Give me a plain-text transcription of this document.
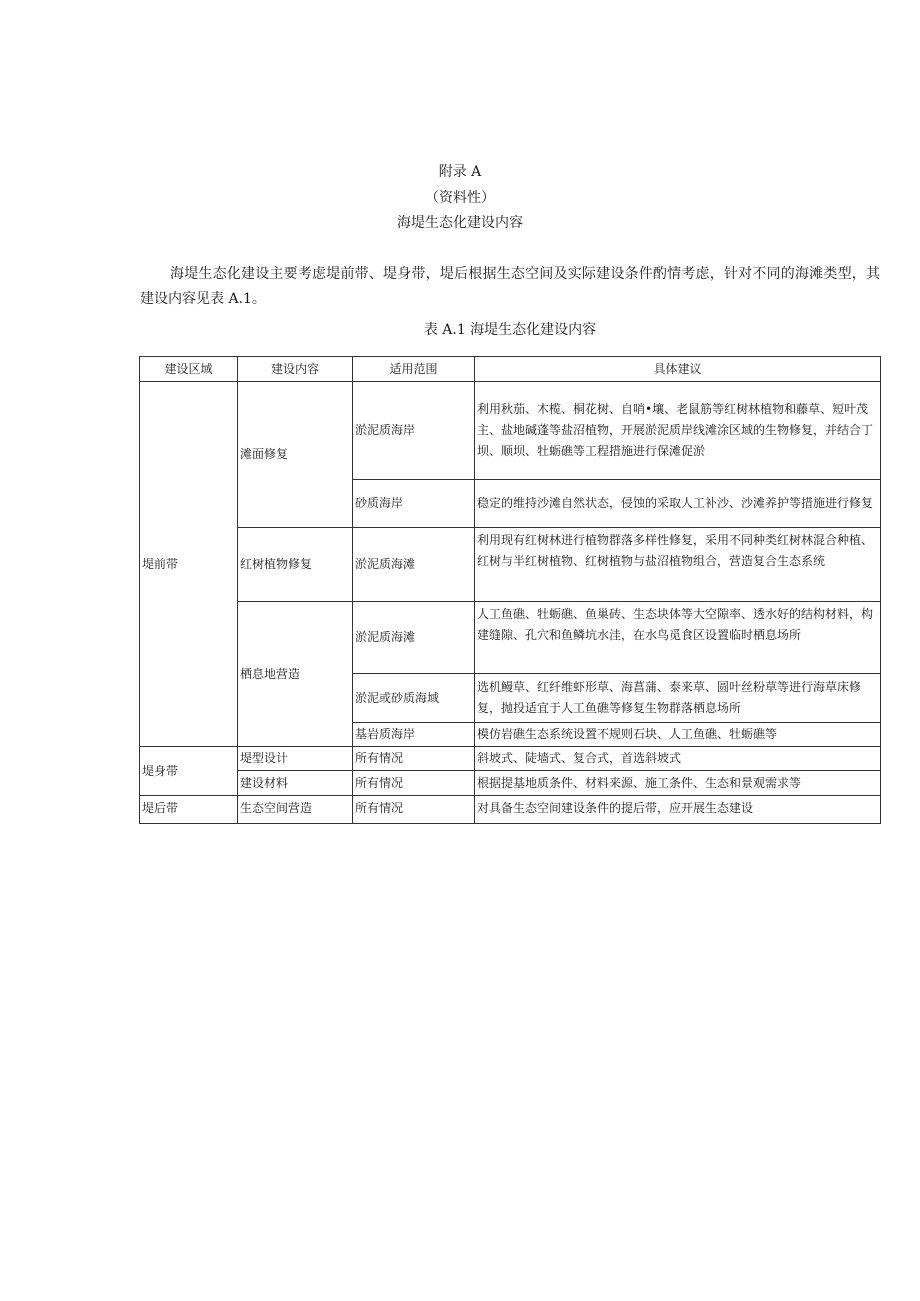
附录 A
（资料性）
海堤生态化建设内容
海堤生态化建设主要考虑堤前带、堤身带，堤后根据生态空间及实际建设条件酌情考虑，针对不同的海滩类型，其建设内容见表 A.1。
表 A.1 海堤生态化建设内容
建设区域	建设内容	适用范围	具体建议
堤前带	滩面修复	淤泥质海岸	利用秋茄、木榄、桐花树、自哨•壤、老鼠筋等红树林植物和藤草、短叶茂主、盐地碱蓬等盐沼植物，开展淤泥质岸线滩涂区域的生物修复，并结合丁坝、顺坝、牡蛎礁等工程措施进行保滩促淤
		砂质海岸	稳定的维持沙滩自然状态，侵蚀的采取人工补沙、沙滩养护等措施进行修复
	红树植物修复	淤泥质海滩	利用现有红树林进行植物群落多样性修复，采用不同种类红树林混合种植、红树与半红树植物、红树植物与盐沼植物组合，营造复合生态系统
	栖息地营造	淤泥质海滩	人工鱼礁、牡蛎礁、鱼巢砖、生态块体等大空隙率、透水好的结构材料，构建缝隙、孔穴和鱼鳞坑水洼，在水鸟觅食区设置临时栖息场所
		淤泥或砂质海域	选机鳗草、红纤维虾形草、海菖蒲、泰来草、圆叶丝粉草等进行海草床修复，抛投适宜于人工鱼礁等修复生物群落栖息场所
		基岩质海岸	模仿岩礁生态系统设置不规则石块、人工鱼礁、牡蛎礁等
堤身带	堤型设计	所有情况	斜坡式、陡墙式、复合式，首选斜坡式
	建设材料	所有情况	根据提基地质条件、材料来源、施工条件、生态和景观需求等
堤后带	生态空间营造	所有情况	对具备生态空间建设条件的提后带，应开展生态建设
